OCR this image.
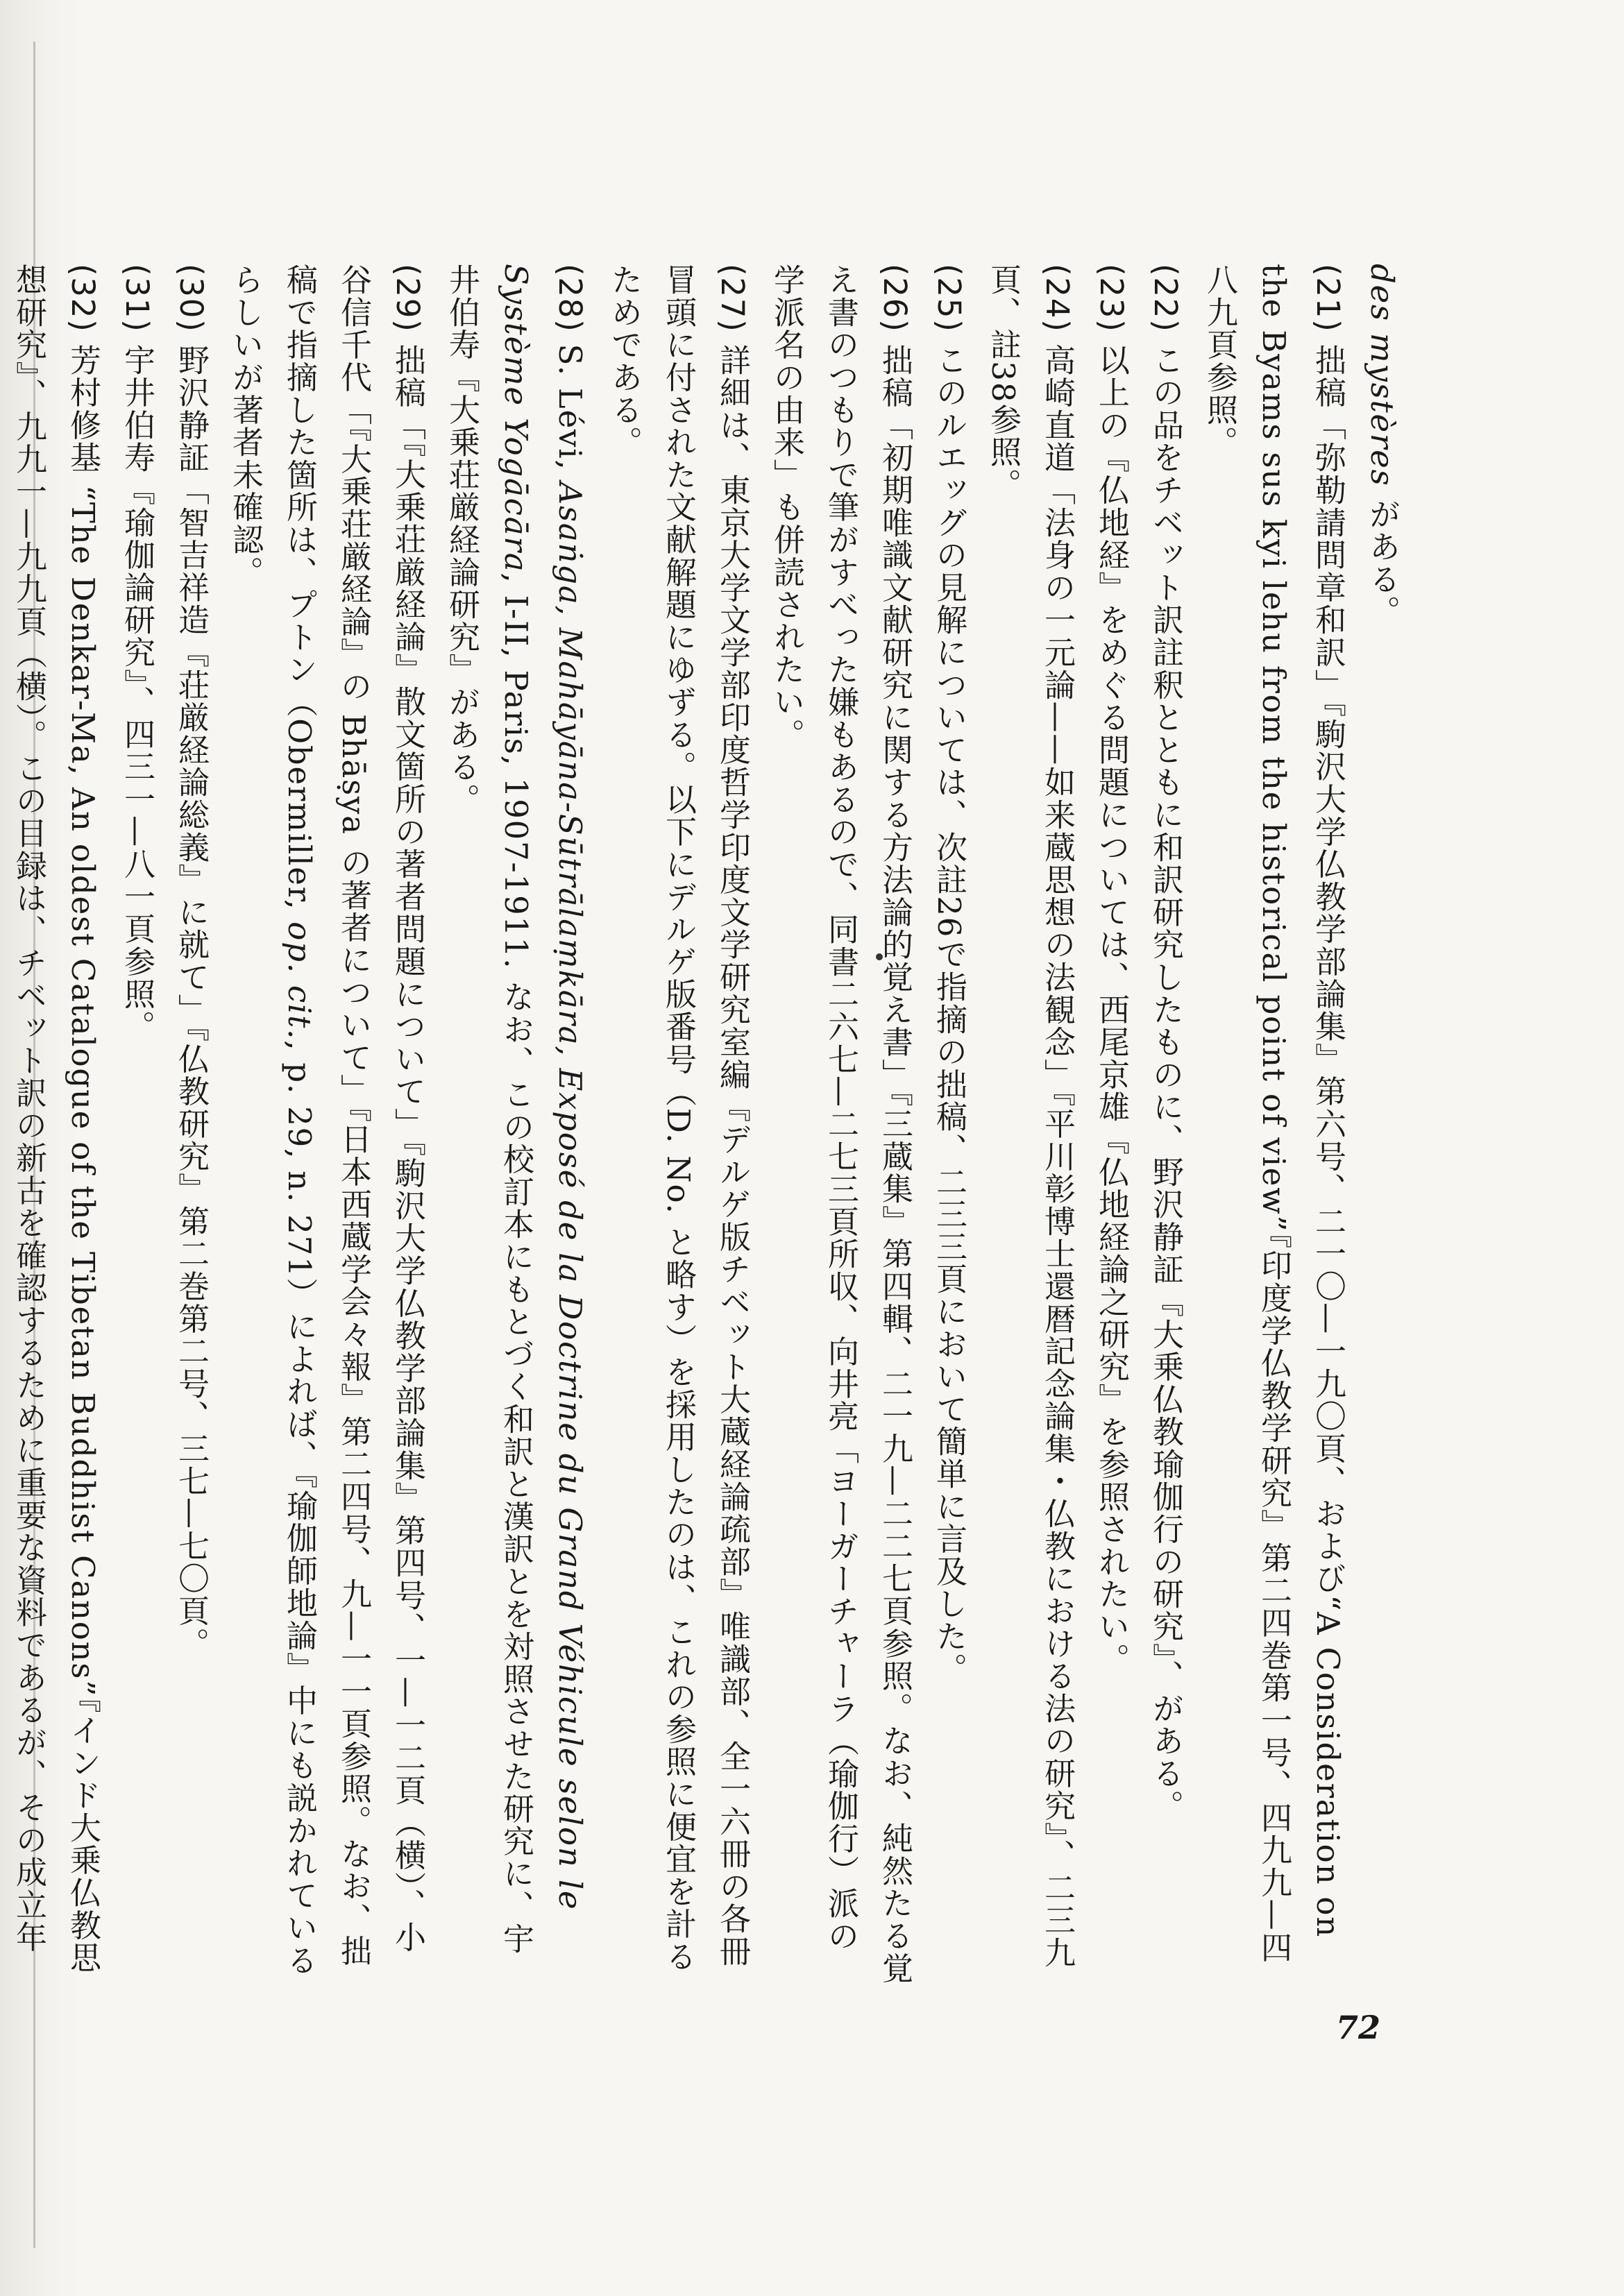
des mystères がある。

(21) 拙稿「弥勒請問章和訳」『駒沢大学仏教学部論集』第六号、二一〇—一九〇頁、および“A Consideration on the Byams sus kyi lehu from the historical point of view”『印度学仏教学研究』第二四巻第一号、四九九—四八九頁参照。

(22) この品をチベット訳註釈とともに和訳研究したものに、野沢静証『大乗仏教瑜伽行の研究』、がある。

(23) 以上の『仏地経』をめぐる問題については、西尾京雄『仏地経論之研究』を参照されたい。

(24) 高崎直道「法身の一元論——如来蔵思想の法観念」『平川彰博士還暦記念論集・仏教における法の研究』、二三九頁、註38参照。

(25) このルエッグの見解については、次註26で指摘の拙稿、二三三頁において簡単に言及した。

(26) 拙稿「初期唯識文献研究に関する方法論的覚え書」『三蔵集』第四輯、二一九—二二七頁参照。なお、純然たる覚え書のつもりで筆がすべった嫌もあるので、同書二六七—二七三頁所収、向井亮「ヨーガーチャーラ（瑜伽行）派の学派名の由来」も併読されたい。

(27) 詳細は、東京大学文学部印度哲学印度文学研究室編『デルゲ版チベット大蔵経論疏部』唯識部、全一六冊の各冊冒頭に付された文献解題にゆずる。以下にデルゲ版番号（D. No. と略す）を採用したのは、これの参照に便宜を計るためである。

(28) S. Lévi, Asaṅga, Mahāyāna-Sūtrālaṃkāra, Exposé de la Doctrine du Grand Véhicule selon le Système Yogācāra, I-II, Paris, 1907-1911. なお、この校訂本にもとづく和訳と漢訳とを対照させた研究に、宇井伯寿『大乗荘厳経論研究』がある。

(29) 拙稿「『大乗荘厳経論』散文箇所の著者問題について」『駒沢大学仏教学部論集』第四号、一—一二頁（横）、小谷信千代「『大乗荘厳経論』の Bhāṣya の著者について」『日本西蔵学会々報』第二四号、九—一一頁参照。なお、拙稿で指摘した箇所は、プトン（Obermiller, op. cit., p. 29, n. 271）によれば、『瑜伽師地論』中にも説かれているらしいが著者未確認。

(30) 野沢静証「智吉祥造『荘厳経論総義』に就て」『仏教研究』第二巻第二号、三七—七〇頁。

(31) 宇井伯寿『瑜伽論研究』、四三一—八一頁参照。

(32) 芳村修基 “The Denkar-Ma, An oldest Catalogue of the Tibetan Buddhist Canons”『インド大乗仏教思想研究』、九九一—九九頁（横）。この目録は、チベット訳の新古を確認するために重要な資料であるが、その成立年

72
